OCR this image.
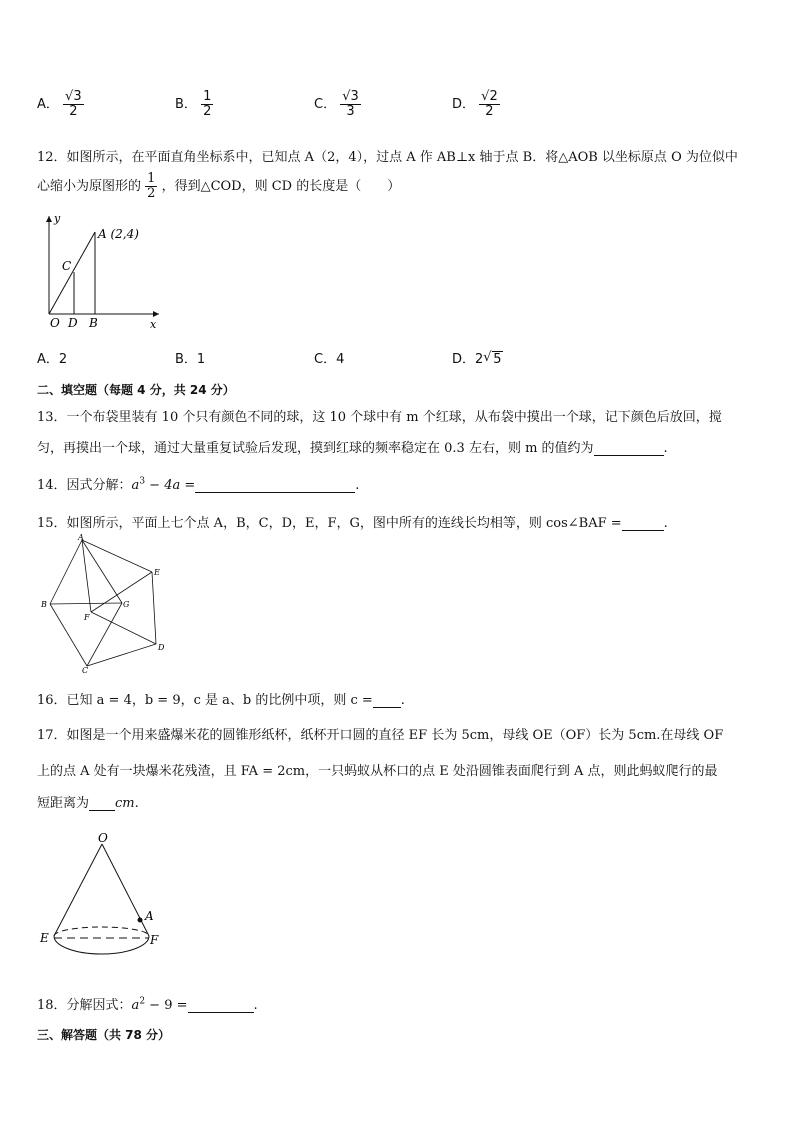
A． $\frac{√3}{2}$	B． $\frac{1}{2}$	C． $\frac{√3}{3}$	D． $\frac{√2}{2}$
12．如图所示，在平面直角坐标系中，已知点 A（2，4），过点 A 作 AB⊥x 轴于点 B．将△AOB 以坐标原点 O 为位似中
心缩小为原图形的 $\frac{1}{2}$ ，得到△COD，则 CD 的长度是（　　）
y
x
A (2,4)
C
O D B
A．2	B．1	C．4	D．2 √ 5
二、填空题（每题 4 分，共 24 分）
13．一个布袋里装有 10 个只有颜色不同的球，这 10 个球中有 m 个红球，从布袋中摸出一个球，记下颜色后放回，搅
匀，再摸出一个球，通过大量重复试验后发现，摸到红球的频率稳定在 0.3 左右，则 m 的值约为	.
14．因式分解：$a^3 - 4a$ =	.
15．如图所示，平面上七个点 A，B，C，D，E，F，G，图中所有的连线长均相等，则 cos∠BAF =	.
A
B
C
D
E
F
G
16．已知 a = 4，b = 9，c 是 a、b 的比例中项，则 c = .
17．如图是一个用来盛爆米花的圆锥形纸杯，纸杯开口圆的直径 EF 长为 5cm，母线 OE（OF）长为 5cm.在母线 OF
上的点 A 处有一块爆米花残渣，且 FA = 2cm，一只蚂蚁从杯口的点 E 处沿圆锥表面爬行到 A 点，则此蚂蚁爬行的最
短距离为 cm.
O
A
E	F
18．分解因式：$a^2 - 9$ =	.
三、解答题（共 78 分）
